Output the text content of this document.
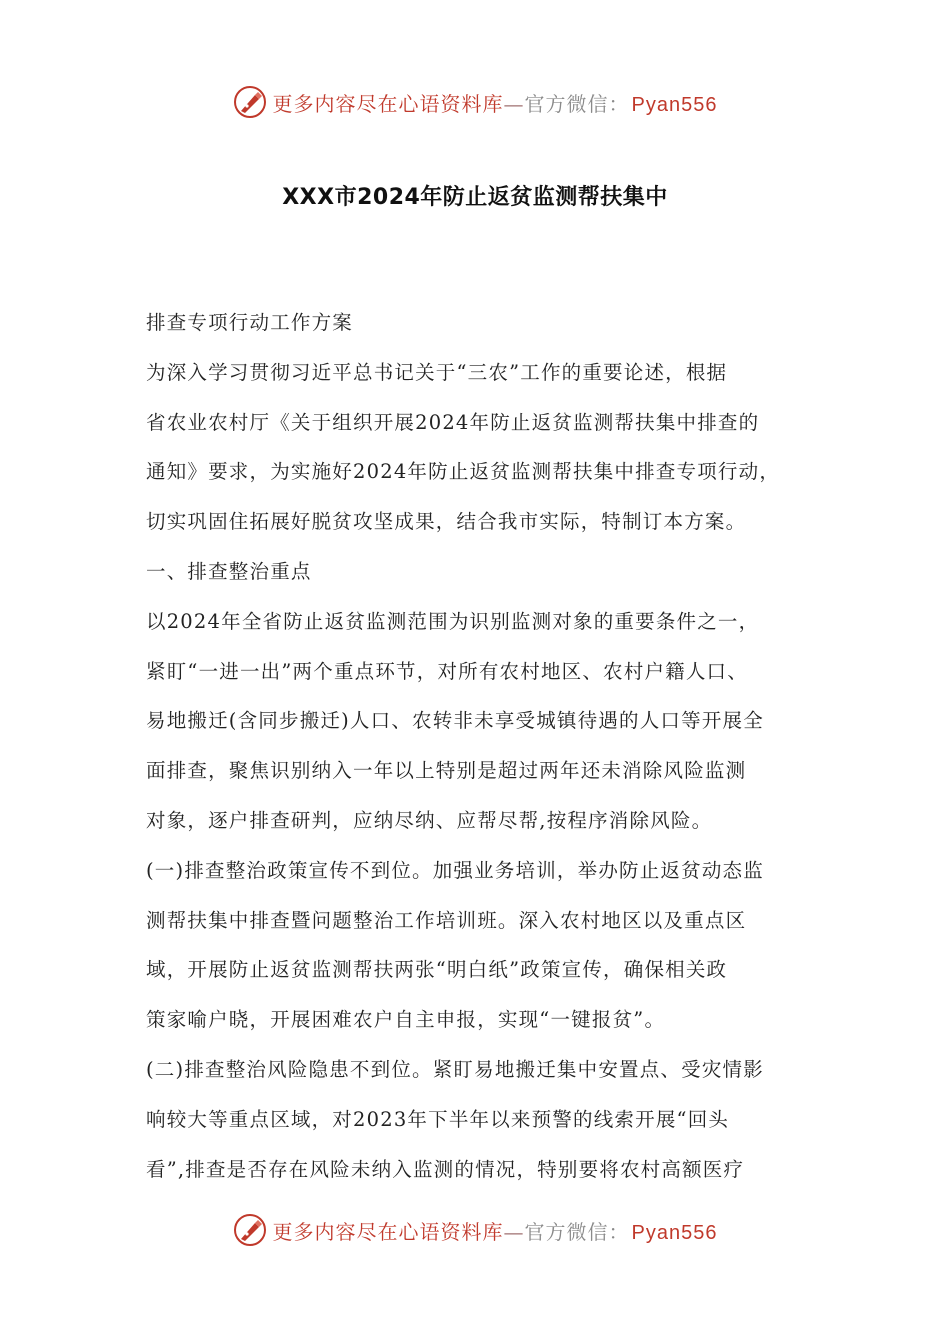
更多内容尽在心语资料库—官方微信： Pyan556
XXX市2024年防止返贫监测帮扶集中

排查专项行动工作方案

为深入学习贯彻习近平总书记关于“三农”工作的重要论述，根据
省农业农村厅《关于组织开展2024年防止返贫监测帮扶集中排查的
通知》要求，为实施好2024年防止返贫监测帮扶集中排查专项行动，
切实巩固住拓展好脱贫攻坚成果，结合我市实际，特制订本方案。

一、排查整治重点

以2024年全省防止返贫监测范围为识别监测对象的重要条件之一，
紧盯“一进一出”两个重点环节，对所有农村地区、农村户籍人口、
易地搬迁(含同步搬迁)人口、农转非未享受城镇待遇的人口等开展全
面排查，聚焦识别纳入一年以上特别是超过两年还未消除风险监测
对象，逐户排查研判，应纳尽纳、应帮尽帮,按程序消除风险。

(一)排查整治政策宣传不到位。加强业务培训，举办防止返贫动态监
测帮扶集中排查暨问题整治工作培训班。深入农村地区以及重点区
域，开展防止返贫监测帮扶两张“明白纸”政策宣传，确保相关政
策家喻户晓，开展困难农户自主申报，实现“一键报贫”。

(二)排查整治风险隐患不到位。紧盯易地搬迁集中安置点、受灾情影
响较大等重点区域，对2023年下半年以来预警的线索开展“回头
看”,排查是否存在风险未纳入监测的情况，特别要将农村高额医疗

更多内容尽在心语资料库—官方微信： Pyan556
